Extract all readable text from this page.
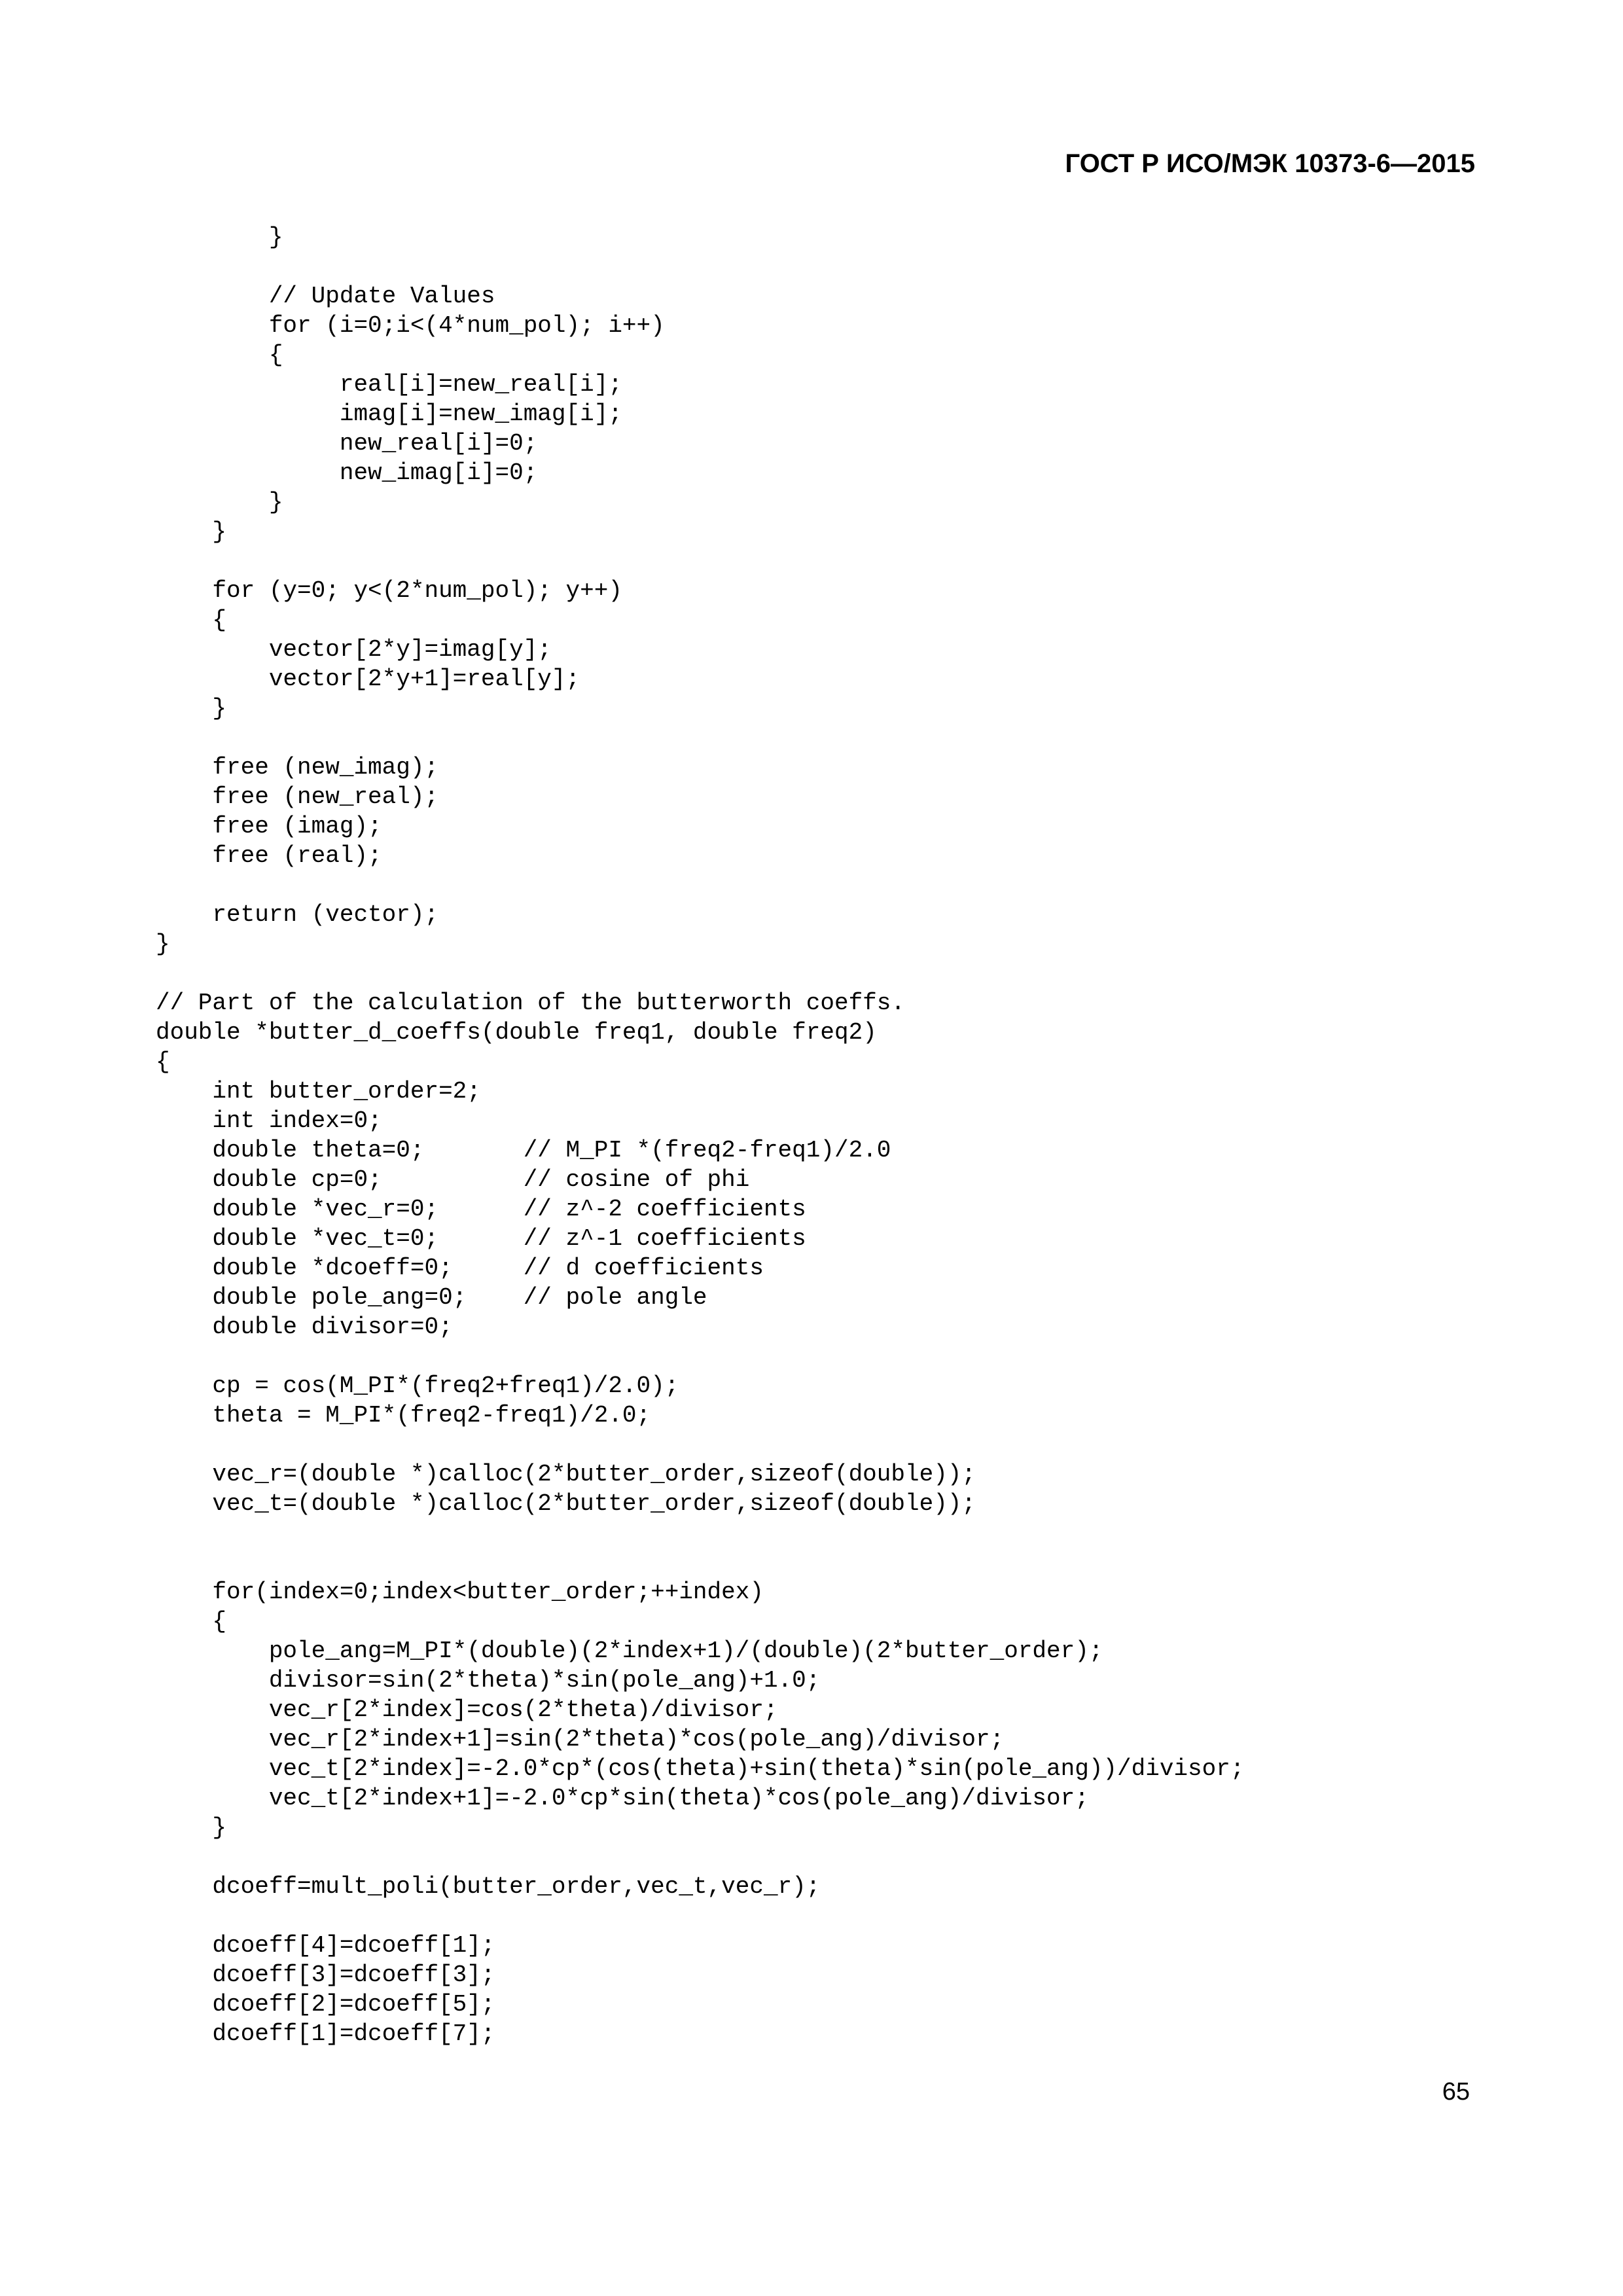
ГОСТ Р ИСО/МЭК 10373-6—2015
}
// Update Values
for (i=0;i<(4*num_pol); i++)
{
real[i]=new_real[i];
imag[i]=new_imag[i];
new_real[i]=0;
new_imag[i]=0;
}
}
for (y=0; y<(2*num_pol); y++)
{
vector[2*y]=imag[y];
vector[2*y+1]=real[y];
}
free (new_imag);
free (new_real);
free (imag);
free (real);
return (vector);
}
// Part of the calculation of the butterworth coeffs.
double *butter_d_coeffs(double freq1, double freq2)
{
int butter_order=2;
int index=0;
double theta=0;       // M_PI *(freq2-freq1)/2.0
double cp=0;          // cosine of phi
double *vec_r=0;      // z^-2 coefficients
double *vec_t=0;      // z^-1 coefficients
double *dcoeff=0;     // d coefficients
double pole_ang=0;    // pole angle
double divisor=0;
cp = cos(M_PI*(freq2+freq1)/2.0);
theta = M_PI*(freq2-freq1)/2.0;
vec_r=(double *)calloc(2*butter_order,sizeof(double));
vec_t=(double *)calloc(2*butter_order,sizeof(double));
for(index=0;index<butter_order;++index)
{
pole_ang=M_PI*(double)(2*index+1)/(double)(2*butter_order);
divisor=sin(2*theta)*sin(pole_ang)+1.0;
vec_r[2*index]=cos(2*theta)/divisor;
vec_r[2*index+1]=sin(2*theta)*cos(pole_ang)/divisor;
vec_t[2*index]=-2.0*cp*(cos(theta)+sin(theta)*sin(pole_ang))/divisor;
vec_t[2*index+1]=-2.0*cp*sin(theta)*cos(pole_ang)/divisor;
}
dcoeff=mult_poli(butter_order,vec_t,vec_r);
dcoeff[4]=dcoeff[1];
dcoeff[3]=dcoeff[3];
dcoeff[2]=dcoeff[5];
dcoeff[1]=dcoeff[7];
65
